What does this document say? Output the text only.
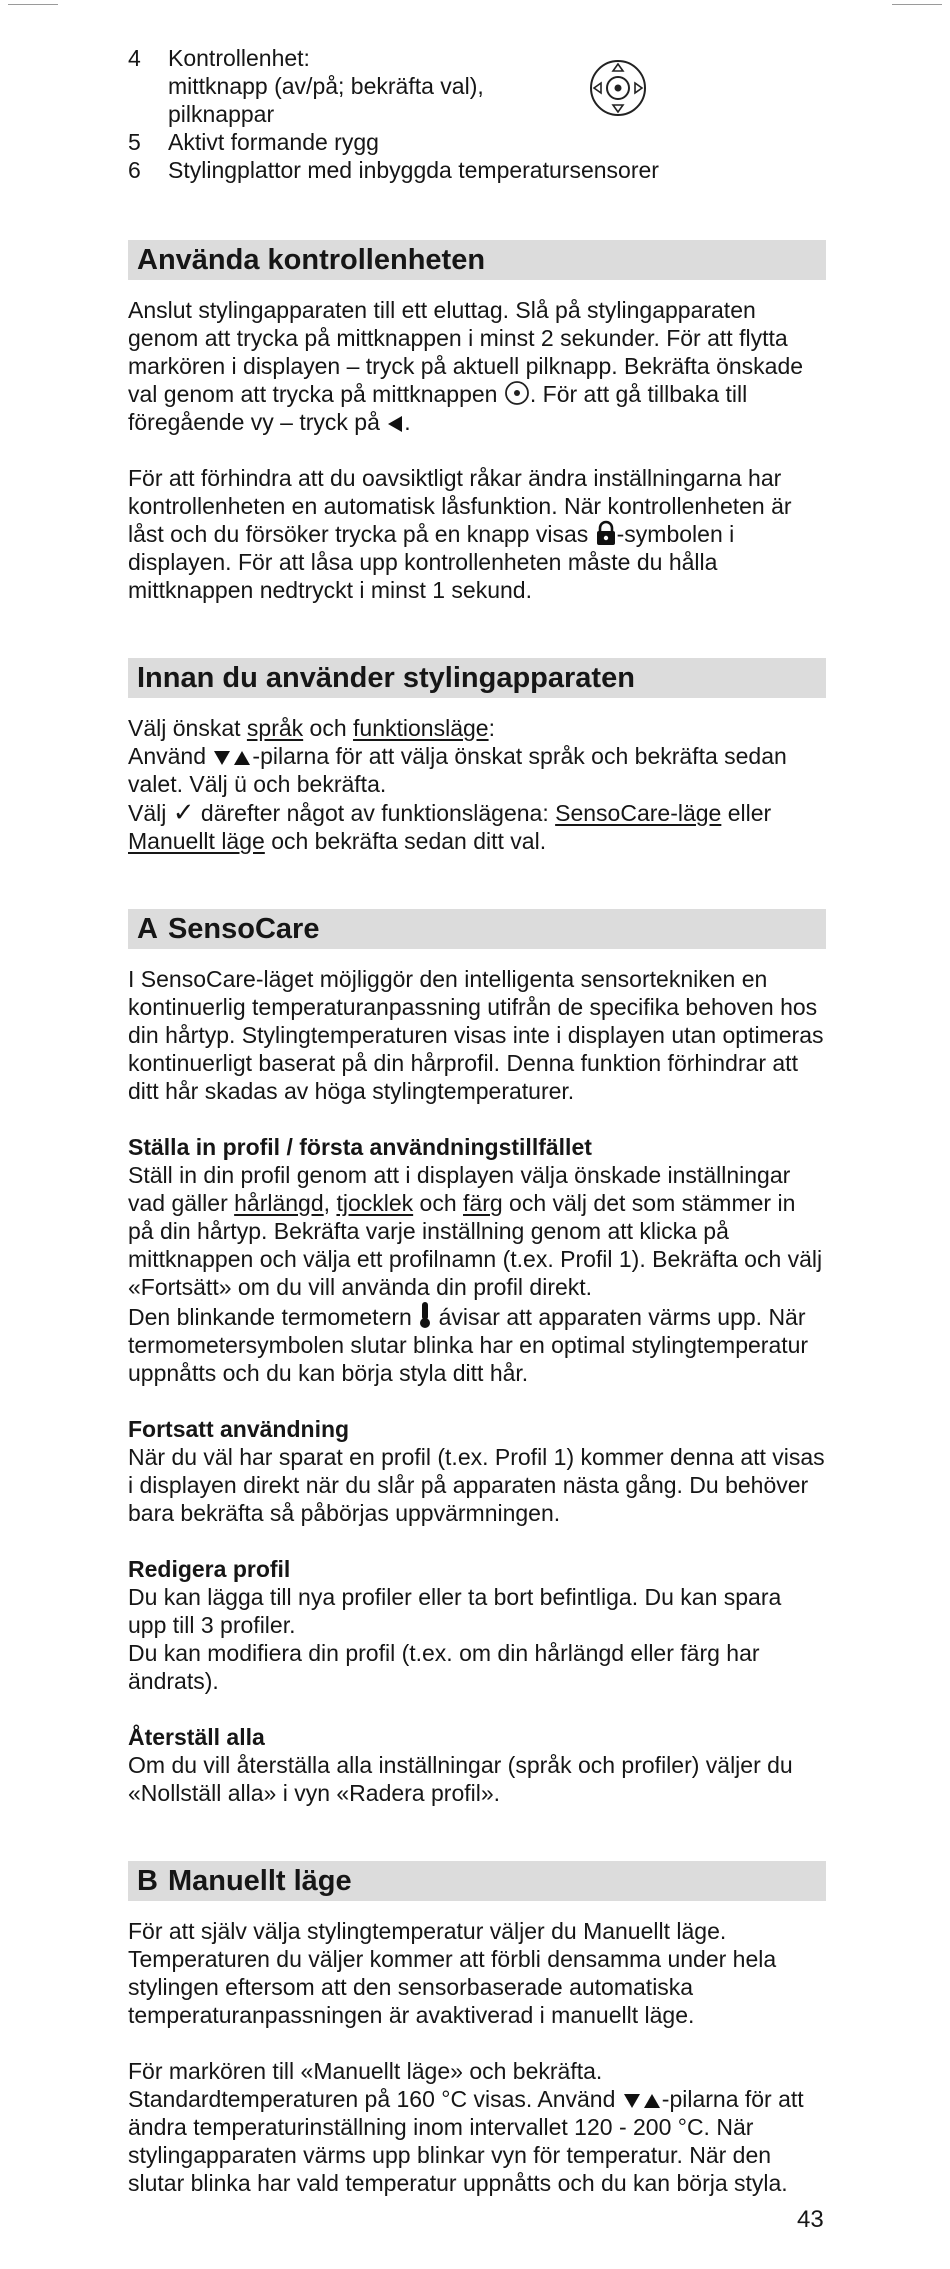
4	Kontrollenhet:
mittknapp (av/på; bekräfta val),
pilknappar
5	Aktivt formande rygg
6	Stylingplattor med inbyggda temperatursensorer
Använda kontrollenheten

Anslut stylingapparaten till ett eluttag. Slå på stylingapparaten genom att trycka på mittknappen i minst 2 sekunder. För att flytta markören i displayen – tryck på aktuell pilknapp. Bekräfta önskade val genom att trycka på mittknappen . För att gå tillbaka till föregående vy – tryck på .

För att förhindra att du oavsiktligt råkar ändra inställningarna har kontrollenheten en automatisk låsfunktion. När kontrollenheten är låst och du försöker trycka på en knapp visas -symbolen i displayen. För att låsa upp kontrollenheten måste du hålla mittknappen nedtryckt i minst 1 sekund.

Innan du använder stylingapparaten

Välj önskat språk och funktionsläge:
Använd -pilarna för att välja önskat språk och bekräfta sedan valet. Välj ü och bekräfta.
Välj ✓ därefter något av funktionslägena: SensoCare-läge eller Manuellt läge och bekräfta sedan ditt val.

A SensoCare

I SensoCare-läget möjliggör den intelligenta sensortekniken en kontinuerlig temperaturanpassning utifrån de specifika behoven hos din hårtyp. Stylingtemperaturen visas inte i displayen utan optimeras kontinuerligt baserat på din hårprofil. Denna funktion förhindrar att ditt hår skadas av höga stylingtemperaturer.

Ställa in profil / första användningstillfället

Ställ in din profil genom att i displayen välja önskade inställningar vad gäller hårlängd, tjocklek och färg och välj det som stämmer in på din hårtyp. Bekräfta varje inställning genom att klicka på mittknappen och välja ett profilnamn (t.ex. Profil 1). Bekräfta och välj «Fortsätt» om du vill använda din profil direkt.

Den blinkande termometern  ávisar att apparaten värms upp. När termometersymbolen slutar blinka har en optimal stylingtemperatur uppnåtts och du kan börja styla ditt hår.

Fortsatt användning

När du väl har sparat en profil (t.ex. Profil 1) kommer denna att visas i displayen direkt när du slår på apparaten nästa gång. Du behöver bara bekräfta så påbörjas uppvärmningen.

Redigera profil

Du kan lägga till nya profiler eller ta bort befintliga. Du kan spara upp till 3 profiler.

Du kan modifiera din profil (t.ex. om din hårlängd eller färg har ändrats).

Återställ alla

Om du vill återställa alla inställningar (språk och profiler) väljer du «Nollställ alla» i vyn «Radera profil».

B Manuellt läge

För att själv välja stylingtemperatur väljer du Manuellt läge. Temperaturen du väljer kommer att förbli densamma under hela stylingen eftersom att den sensorbaserade automatiska temperaturanpassningen är avaktiverad i manuellt läge.

För markören till «Manuellt läge» och bekräfta. Standardtemperaturen på 160 °C visas. Använd -pilarna för att ändra temperaturinställning inom intervallet 120 - 200 °C. När stylingapparaten värms upp blinkar vyn för temperatur. När den slutar blinka har vald temperatur uppnåtts och du kan börja styla.

43
